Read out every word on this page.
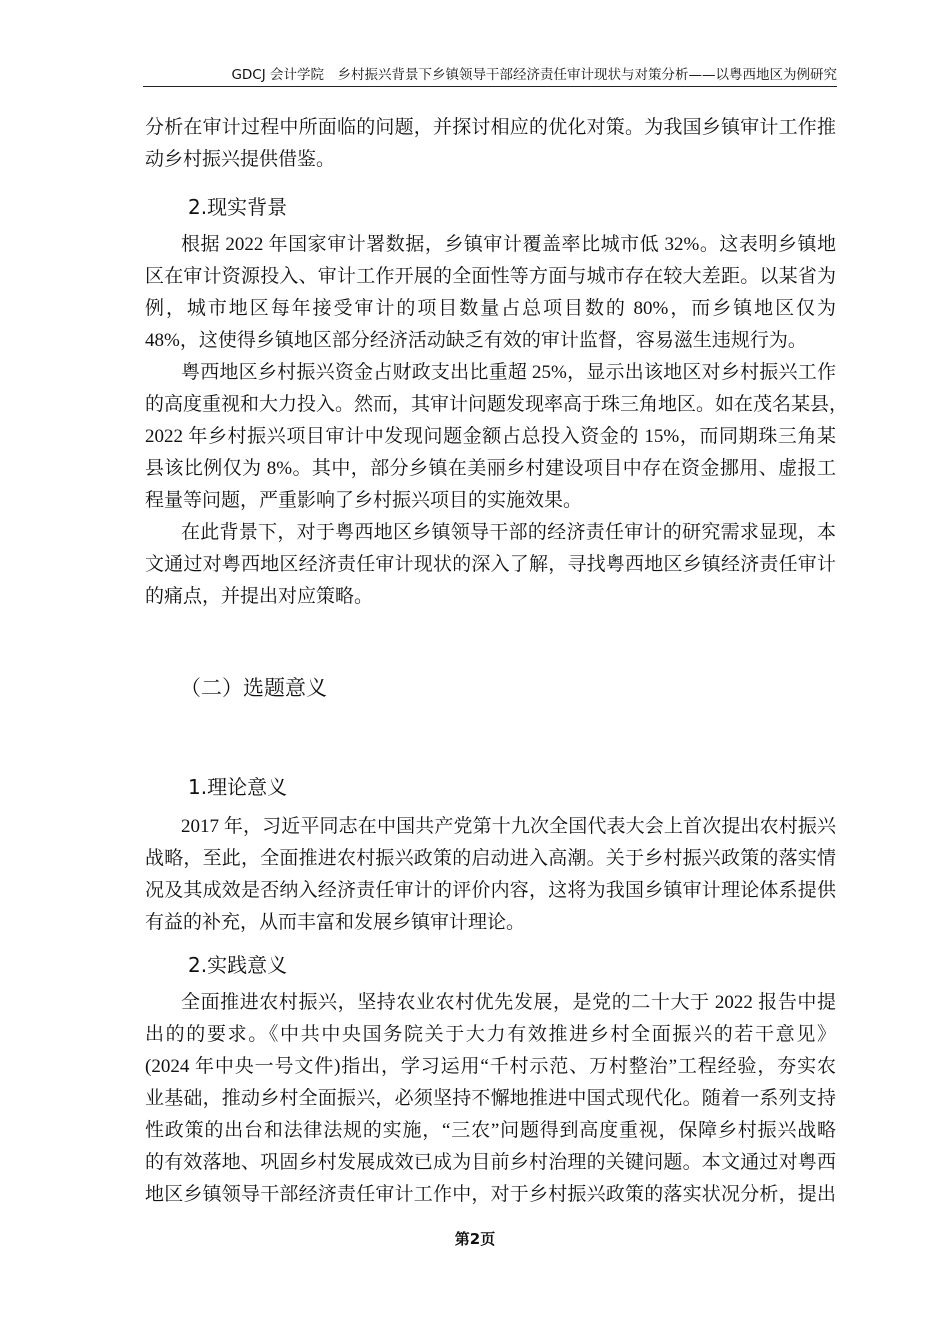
GDCJ 会计学院　乡村振兴背景下乡镇领导干部经济责任审计现状与对策分析——以粤西地区为例研究
分析在审计过程中所面临的问题，并探讨相应的优化对策。为我国乡镇审计工作推
动乡村振兴提供借鉴。
2.现实背景
根据 2022 年国家审计署数据，乡镇审计覆盖率比城市低 32%。这表明乡镇地
区在审计资源投入、审计工作开展的全面性等方面与城市存在较大差距。以某省为
例，城市地区每年接受审计的项目数量占总项目数的 80%，而乡镇地区仅为
48%，这使得乡镇地区部分经济活动缺乏有效的审计监督，容易滋生违规行为。
粤西地区乡村振兴资金占财政支出比重超 25%，显示出该地区对乡村振兴工作
的高度重视和大力投入。然而，其审计问题发现率高于珠三角地区。如在茂名某县，
2022 年乡村振兴项目审计中发现问题金额占总投入资金的 15%，而同期珠三角某
县该比例仅为 8%。其中，部分乡镇在美丽乡村建设项目中存在资金挪用、虚报工
程量等问题，严重影响了乡村振兴项目的实施效果。
在此背景下，对于粤西地区乡镇领导干部的经济责任审计的研究需求显现，本
文通过对粤西地区经济责任审计现状的深入了解，寻找粤西地区乡镇经济责任审计
的痛点，并提出对应策略。
（二）选题意义
1.理论意义
2017 年，习近平同志在中国共产党第十九次全国代表大会上首次提出农村振兴
战略，至此，全面推进农村振兴政策的启动进入高潮。关于乡村振兴政策的落实情
况及其成效是否纳入经济责任审计的评价内容，这将为我国乡镇审计理论体系提供
有益的补充，从而丰富和发展乡镇审计理论。
2.实践意义
全面推进农村振兴，坚持农业农村优先发展，是党的二十大于 2022 报告中提
出的的要求。《中共中央国务院关于大力有效推进乡村全面振兴的若干意见》
(2024 年中央一号文件)指出，学习运用“千村示范、万村整治”工程经验，夯实农
业基础，推动乡村全面振兴，必须坚持不懈地推进中国式现代化。随着一系列支持
性政策的出台和法律法规的实施，“三农”问题得到高度重视，保障乡村振兴战略
的有效落地、巩固乡村发展成效已成为目前乡村治理的关键问题。本文通过对粤西
地区乡镇领导干部经济责任审计工作中，对于乡村振兴政策的落实状况分析，提出
第2页
